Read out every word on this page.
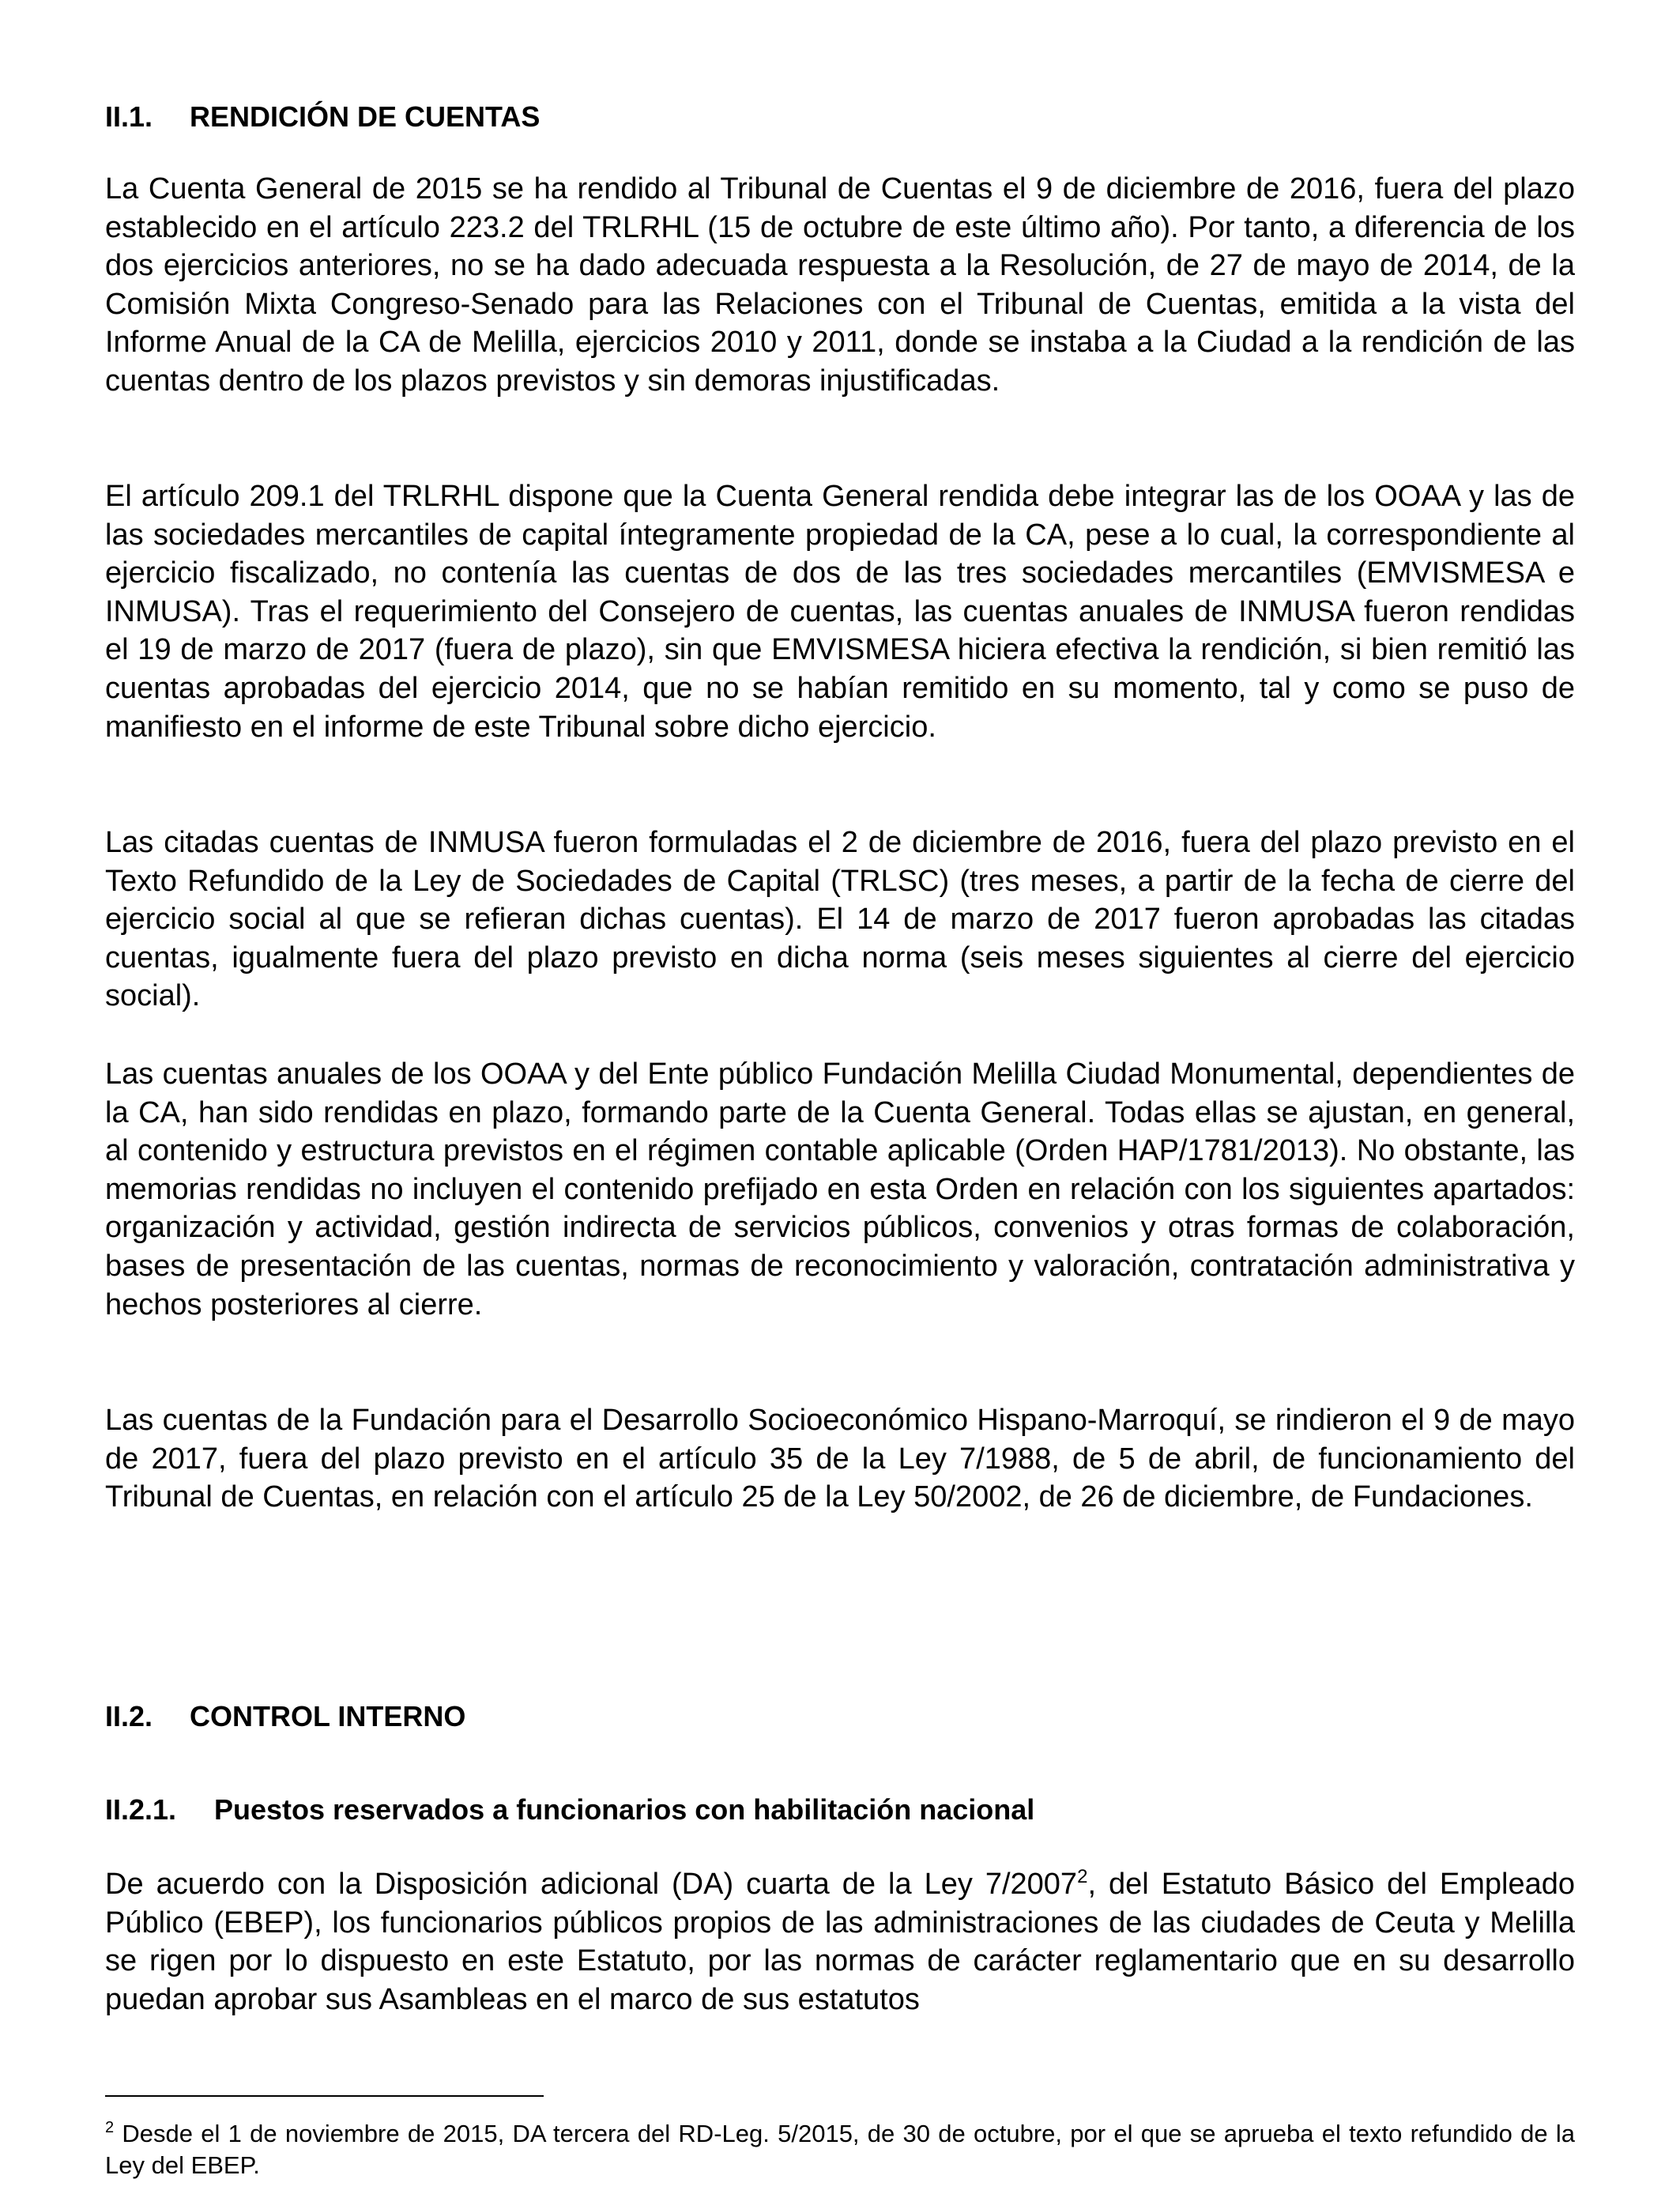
II.1. RENDICIÓN DE CUENTAS

La Cuenta General de 2015 se ha rendido al Tribunal de Cuentas el 9 de diciembre de 2016, fuera del plazo establecido en el artículo 223.2 del TRLRHL (15 de octubre de este último año). Por tanto, a diferencia de los dos ejercicios anteriores, no se ha dado adecuada respuesta a la Resolución, de 27 de mayo de 2014, de la Comisión Mixta Congreso-Senado para las Relaciones con el Tribunal de Cuentas, emitida a la vista del Informe Anual de la CA de Melilla, ejercicios 2010 y 2011, donde se instaba a la Ciudad a la rendición de las cuentas dentro de los plazos previstos y sin demoras injustificadas.

El artículo 209.1 del TRLRHL dispone que la Cuenta General rendida debe integrar las de los OOAA y las de las sociedades mercantiles de capital íntegramente propiedad de la CA, pese a lo cual, la correspondiente al ejercicio fiscalizado, no contenía las cuentas de dos de las tres sociedades mercantiles (EMVISMESA e INMUSA). Tras el requerimiento del Consejero de cuentas, las cuentas anuales de INMUSA fueron rendidas el 19 de marzo de 2017 (fuera de plazo), sin que EMVISMESA hiciera efectiva la rendición, si bien remitió las cuentas aprobadas del ejercicio 2014, que no se habían remitido en su momento, tal y como se puso de manifiesto en el informe de este Tribunal sobre dicho ejercicio.

Las citadas cuentas de INMUSA fueron formuladas el 2 de diciembre de 2016, fuera del plazo previsto en el Texto Refundido de la Ley de Sociedades de Capital (TRLSC) (tres meses, a partir de la fecha de cierre del ejercicio social al que se refieran dichas cuentas). El 14 de marzo de 2017 fueron aprobadas las citadas cuentas, igualmente fuera del plazo previsto en dicha norma (seis meses siguientes al cierre del ejercicio social).

Las cuentas anuales de los OOAA y del Ente público Fundación Melilla Ciudad Monumental, dependientes de la CA, han sido rendidas en plazo, formando parte de la Cuenta General. Todas ellas se ajustan, en general, al contenido y estructura previstos en el régimen contable aplicable (Orden HAP/1781/2013). No obstante, las memorias rendidas no incluyen el contenido prefijado en esta Orden en relación con los siguientes apartados: organización y actividad, gestión indirecta de servicios públicos, convenios y otras formas de colaboración, bases de presentación de las cuentas, normas de reconocimiento y valoración, contratación administrativa y hechos posteriores al cierre.

Las cuentas de la Fundación para el Desarrollo Socioeconómico Hispano-Marroquí, se rindieron el 9 de mayo de 2017, fuera del plazo previsto en el artículo 35 de la Ley 7/1988, de 5 de abril, de funcionamiento del Tribunal de Cuentas, en relación con el artículo 25 de la Ley 50/2002, de 26 de diciembre, de Fundaciones.

II.2. CONTROL INTERNO
II.2.1. Puestos reservados a funcionarios con habilitación nacional

De acuerdo con la Disposición adicional (DA) cuarta de la Ley 7/2007$^2$, del Estatuto Básico del Empleado Público (EBEP), los funcionarios públicos propios de las administraciones de las ciudades de Ceuta y Melilla se rigen por lo dispuesto en este Estatuto, por las normas de carácter reglamentario que en su desarrollo puedan aprobar sus Asambleas en el marco de sus estatutos

$^2$ Desde el 1 de noviembre de 2015, DA tercera del RD-Leg. 5/2015, de 30 de octubre, por el que se aprueba el texto refundido de la Ley del EBEP.
